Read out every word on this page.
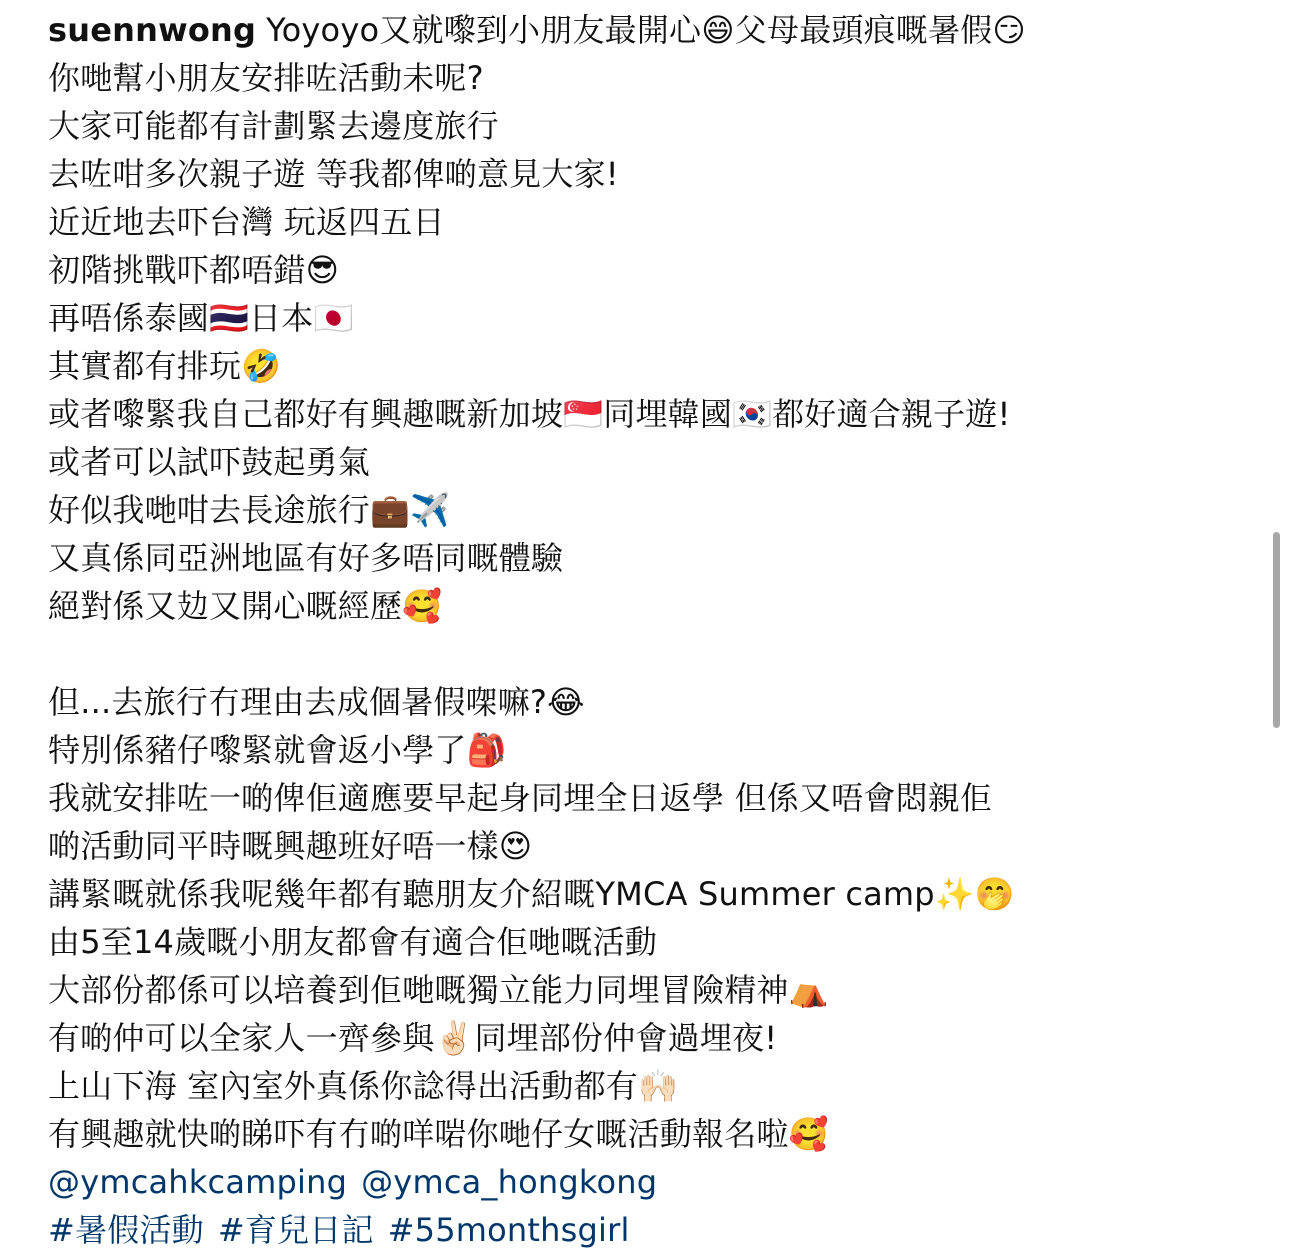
suennwong Yoyoyo又就嚟到小朋友最開心😄父母最頭痕嘅暑假😏
你哋幫小朋友安排咗活動未呢?
大家可能都有計劃緊去邊度旅行
去咗咁多次親子遊 等我都俾啲意見大家!
近近地去吓台灣 玩返四五日
初階挑戰吓都唔錯😎
再唔係泰國🇹🇭日本🇯🇵
其實都有排玩🤣
或者嚟緊我自己都好有興趣嘅新加坡🇸🇬同埋韓國🇰🇷都好適合親子遊!
或者可以試吓鼓起勇氣
好似我哋咁去長途旅行💼✈️
又真係同亞洲地區有好多唔同嘅體驗
絕對係又攰又開心嘅經歷🥰
但...去旅行冇理由去成個暑假㗎嘛?😂
特別係豬仔嚟緊就會返小學了🎒
我就安排咗一啲俾佢適應要早起身同埋全日返學 但係又唔會悶親佢
啲活動同平時嘅興趣班好唔一樣😍
講緊嘅就係我呢幾年都有聽朋友介紹嘅YMCA Summer camp✨🤭
由5至14歲嘅小朋友都會有適合佢哋嘅活動
大部份都係可以培養到佢哋嘅獨立能力同埋冒險精神⛺
有啲仲可以全家人一齊參與✌🏻同埋部份仲會過埋夜!
上山下海 室內室外真係你諗得出活動都有🙌🏻
有興趣就快啲睇吓有冇啲咩啱你哋仔女嘅活動報名啦🥰
@ymcahkcamping @ymca_hongkong
#暑假活動 #育兒日記 #55monthsgirl
